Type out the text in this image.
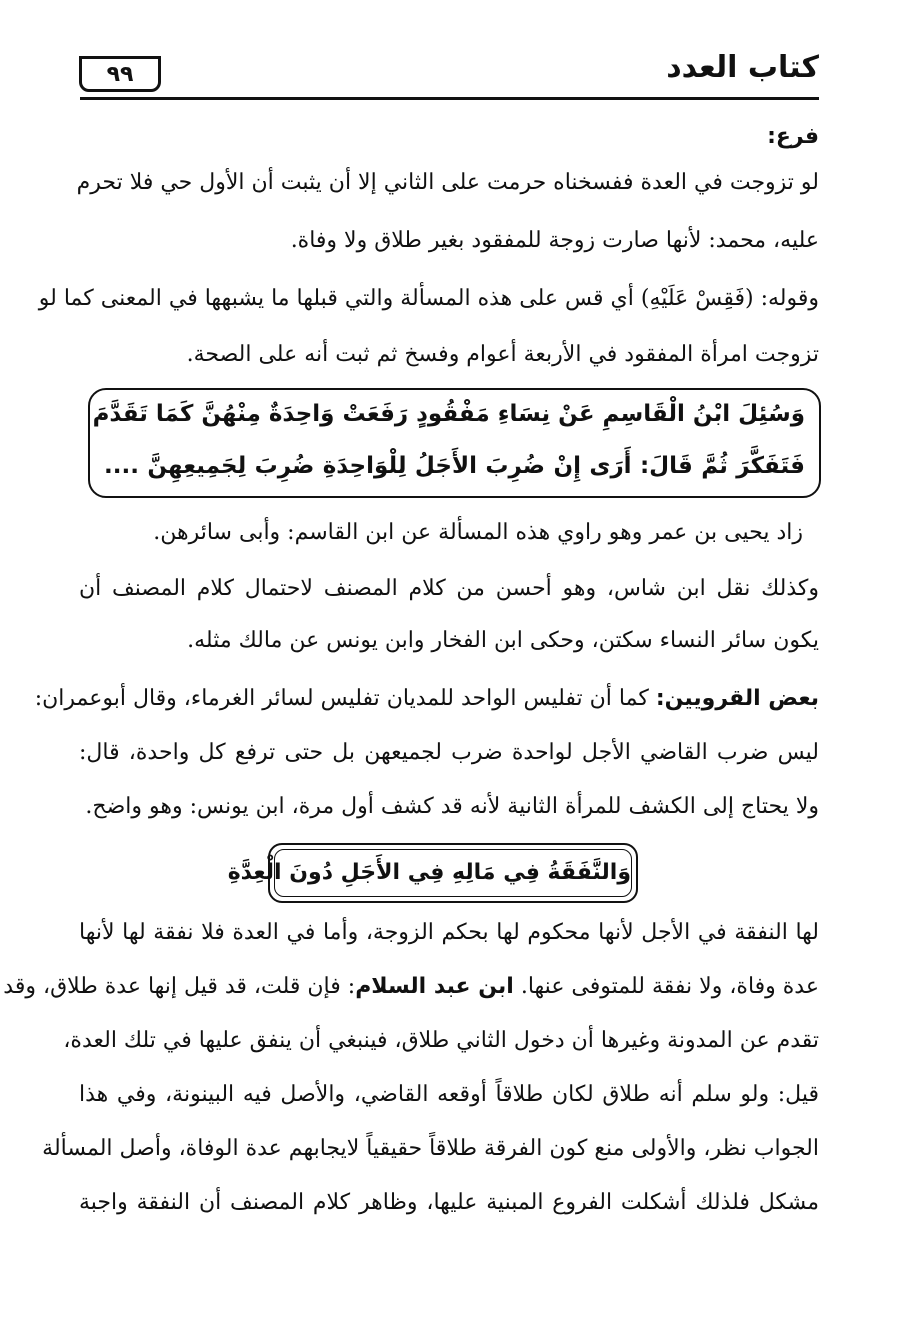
كتاب العدد
٩٩
فرع:
لو تزوجت في العدة ففسخناه حرمت على الثاني إلا أن يثبت أن الأول حي فلا تحرم
عليه، محمد: لأنها صارت زوجة للمفقود بغير طلاق ولا وفاة.
وقوله: (فَقِسْ عَلَيْهِ) أي قس على هذه المسألة والتي قبلها ما يشبهها في المعنى كما لو
تزوجت امرأة المفقود في الأربعة أعوام وفسخ ثم ثبت أنه على الصحة.
وَسُئِلَ ابْنُ الْقَاسِمِ عَنْ نِسَاءِ مَفْقُودٍ رَفَعَتْ وَاحِدَةٌ مِنْهُنَّ كَمَا تَقَدَّمَ
فَتَفَكَّرَ ثُمَّ قَالَ: أَرَى إِنْ ضُرِبَ الأَجَلُ لِلْوَاحِدَةِ ضُرِبَ لِجَمِيعِهِنَّ ....
زاد يحيى بن عمر وهو راوي هذه المسألة عن ابن القاسم: وأبى سائرهن.
وكذلك نقل ابن شاس، وهو أحسن من كلام المصنف لاحتمال كلام المصنف أن
يكون سائر النساء سكتن، وحكى ابن الفخار وابن يونس عن مالك مثله.
بعض القرويين: كما أن تفليس الواحد للمديان تفليس لسائر الغرماء، وقال أبوعمران:
ليس ضرب القاضي الأجل لواحدة ضرب لجميعهن بل حتى ترفع كل واحدة، قال:
ولا يحتاج إلى الكشف للمرأة الثانية لأنه قد كشف أول مرة، ابن يونس: وهو واضح.
وَالنَّفَقَةُ فِي مَالِهِ فِي الأَجَلِ دُونَ الْعِدَّةِ
لها النفقة في الأجل لأنها محكوم لها بحكم الزوجة، وأما في العدة فلا نفقة لها لأنها
عدة وفاة، ولا نفقة للمتوفى عنها. ابن عبد السلام: فإن قلت، قد قيل إنها عدة طلاق، وقد
تقدم عن المدونة وغيرها أن دخول الثاني طلاق، فينبغي أن ينفق عليها في تلك العدة،
قيل: ولو سلم أنه طلاق لكان طلاقاً أوقعه القاضي، والأصل فيه البينونة، وفي هذا
الجواب نظر، والأولى منع كون الفرقة طلاقاً حقيقياً لايجابهم عدة الوفاة، وأصل المسألة
مشكل فلذلك أشكلت الفروع المبنية عليها، وظاهر كلام المصنف أن النفقة واجبة
